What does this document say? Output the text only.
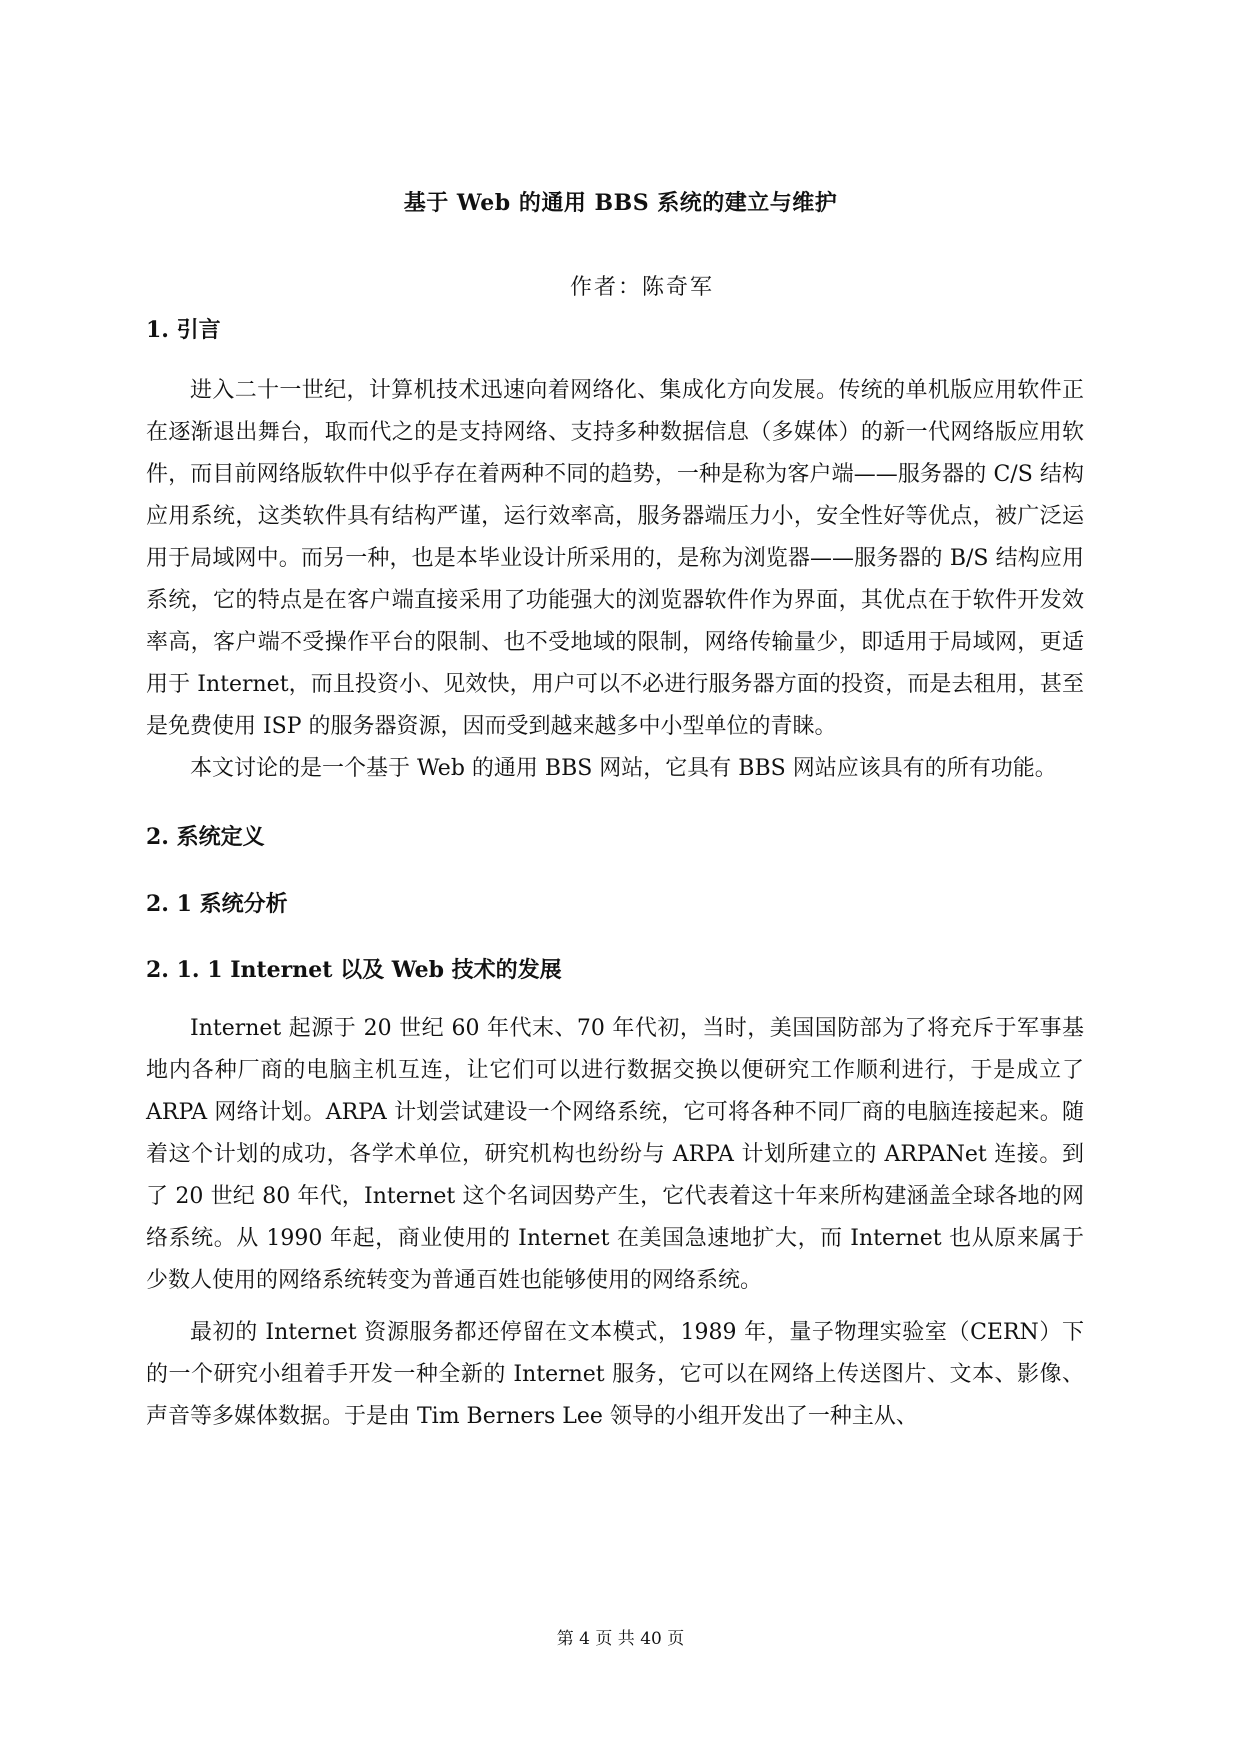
基于 Web 的通用 BBS 系统的建立与维护
作者：陈奇军
1. 引言

进入二十一世纪，计算机技术迅速向着网络化、集成化方向发展。传统的单机版应用软件正在逐渐退出舞台，取而代之的是支持网络、支持多种数据信息（多媒体）的新一代网络版应用软件，而目前网络版软件中似乎存在着两种不同的趋势，一种是称为客户端——服务器的 C/S 结构应用系统，这类软件具有结构严谨，运行效率高，服务器端压力小，安全性好等优点，被广泛运用于局域网中。而另一种，也是本毕业设计所采用的，是称为浏览器——服务器的 B/S 结构应用系统，它的特点是在客户端直接采用了功能强大的浏览器软件作为界面，其优点在于软件开发效率高，客户端不受操作平台的限制、也不受地域的限制，网络传输量少，即适用于局域网，更适用于 Internet，而且投资小、见效快，用户可以不必进行服务器方面的投资，而是去租用，甚至是免费使用 ISP 的服务器资源，因而受到越来越多中小型单位的青睐。

本文讨论的是一个基于 Web 的通用 BBS 网站，它具有 BBS 网站应该具有的所有功能。

2. 系统定义
2. 1 系统分析
2. 1. 1 Internet 以及 Web 技术的发展

Internet 起源于 20 世纪 60 年代末、70 年代初，当时，美国国防部为了将充斥于军事基地内各种厂商的电脑主机互连，让它们可以进行数据交换以便研究工作顺利进行，于是成立了 ARPA 网络计划。ARPA 计划尝试建设一个网络系统，它可将各种不同厂商的电脑连接起来。随着这个计划的成功，各学术单位，研究机构也纷纷与 ARPA 计划所建立的 ARPANet 连接。到了 20 世纪 80 年代，Internet 这个名词因势产生，它代表着这十年来所构建涵盖全球各地的网络系统。从 1990 年起，商业使用的 Internet 在美国急速地扩大，而 Internet 也从原来属于少数人使用的网络系统转变为普通百姓也能够使用的网络系统。

最初的 Internet 资源服务都还停留在文本模式，1989 年，量子物理实验室（CERN）下的一个研究小组着手开发一种全新的 Internet 服务，它可以在网络上传送图片、文本、影像、声音等多媒体数据。于是由 Tim Berners Lee 领导的小组开发出了一种主从、

第 4 页 共 40 页
